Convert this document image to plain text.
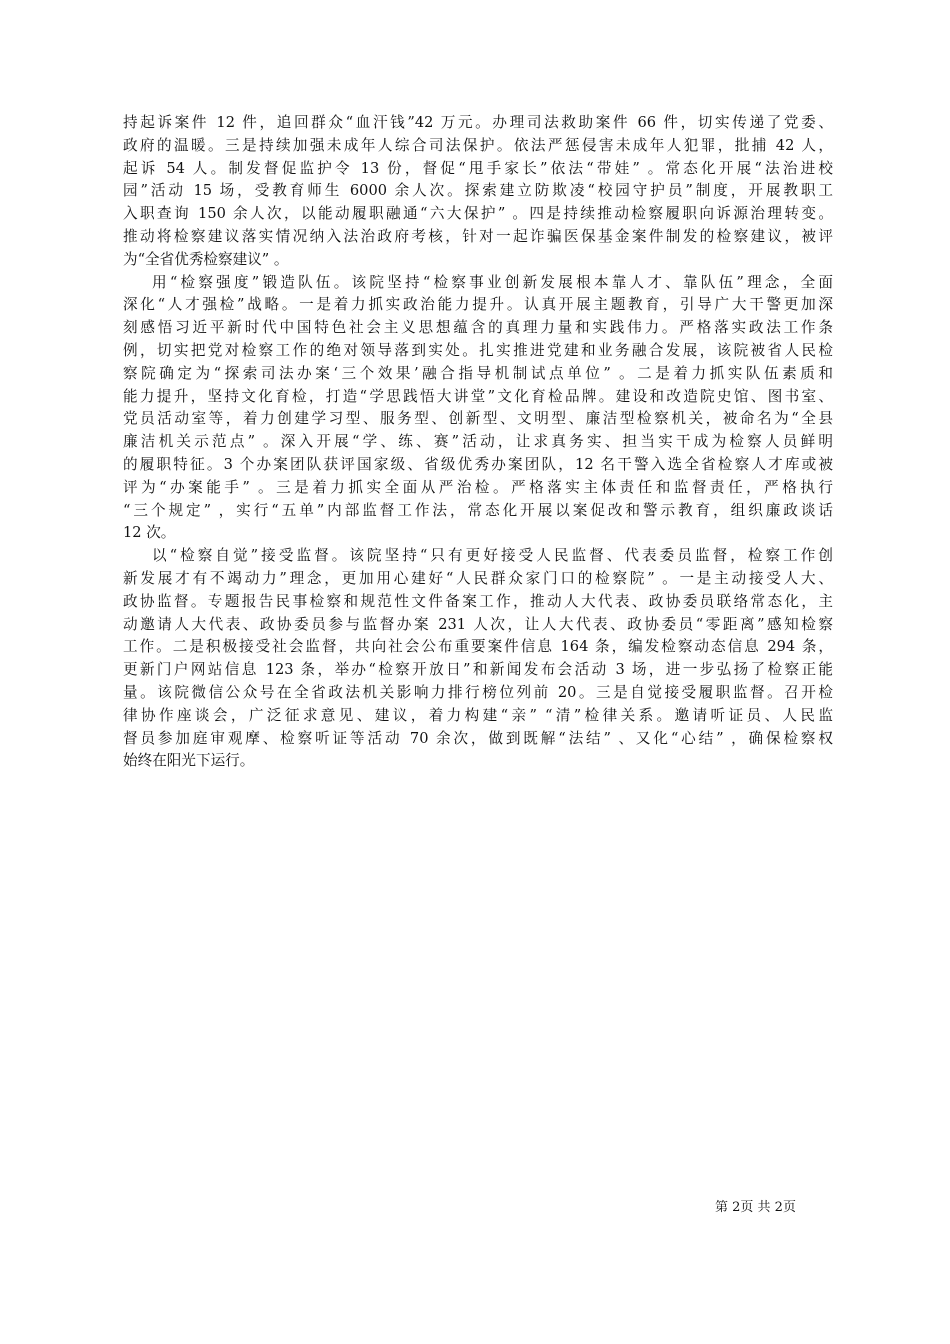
持起诉案件 12 件，追回群众“血汗钱”42 万元。办理司法救助案件 66 件，切实传递了党委、
政府的温暖。三是持续加强未成年人综合司法保护。依法严惩侵害未成年人犯罪，批捕 42 人，
起诉 54 人。制发督促监护令 13 份，督促“甩手家长”依法“带娃” 。常态化开展“法治进校
园”活动 15 场，受教育师生 6000 余人次。探索建立防欺凌“校园守护员”制度，开展教职工
入职查询 150 余人次，以能动履职融通“六大保护” 。四是持续推动检察履职向诉源治理转变。
推动将检察建议落实情况纳入法治政府考核，针对一起诈骗医保基金案件制发的检察建议，被评
为“全省优秀检察建议” 。
用“检察强度”锻造队伍。该院坚持“检察事业创新发展根本靠人才、靠队伍”理念，全面
深化“人才强检”战略。一是着力抓实政治能力提升。认真开展主题教育，引导广大干警更加深
刻感悟习近平新时代中国特色社会主义思想蕴含的真理力量和实践伟力。严格落实政法工作条
例，切实把党对检察工作的绝对领导落到实处。扎实推进党建和业务融合发展，该院被省人民检
察院确定为“探索司法办案‘三个效果’融合指导机制试点单位” 。二是着力抓实队伍素质和
能力提升，坚持文化育检，打造“学思践悟大讲堂”文化育检品牌。建设和改造院史馆、图书室、
党员活动室等，着力创建学习型、服务型、创新型、文明型、廉洁型检察机关，被命名为“全县
廉洁机关示范点” 。深入开展“学、练、赛”活动，让求真务实、担当实干成为检察人员鲜明
的履职特征。3 个办案团队获评国家级、省级优秀办案团队，12 名干警入选全省检察人才库或被
评为“办案能手” 。三是着力抓实全面从严治检。严格落实主体责任和监督责任，严格执行
“三个规定” ，实行“五单”内部监督工作法，常态化开展以案促改和警示教育，组织廉政谈话
12 次。
以“检察自觉”接受监督。该院坚持“只有更好接受人民监督、代表委员监督，检察工作创
新发展才有不竭动力”理念，更加用心建好“人民群众家门口的检察院” 。一是主动接受人大、
政协监督。专题报告民事检察和规范性文件备案工作，推动人大代表、政协委员联络常态化，主
动邀请人大代表、政协委员参与监督办案 231 人次，让人大代表、政协委员“零距离”感知检察
工作。二是积极接受社会监督，共向社会公布重要案件信息 164 条，编发检察动态信息 294 条，
更新门户网站信息 123 条，举办“检察开放日”和新闻发布会活动 3 场，进一步弘扬了检察正能
量。该院微信公众号在全省政法机关影响力排行榜位列前 20。三是自觉接受履职监督。召开检
律协作座谈会，广泛征求意见、建议，着力构建“亲” “清”检律关系。邀请听证员、人民监
督员参加庭审观摩、检察听证等活动 70 余次，做到既解“法结” 、又化“心结” ，确保检察权
始终在阳光下运行。
第 2页 共 2页
